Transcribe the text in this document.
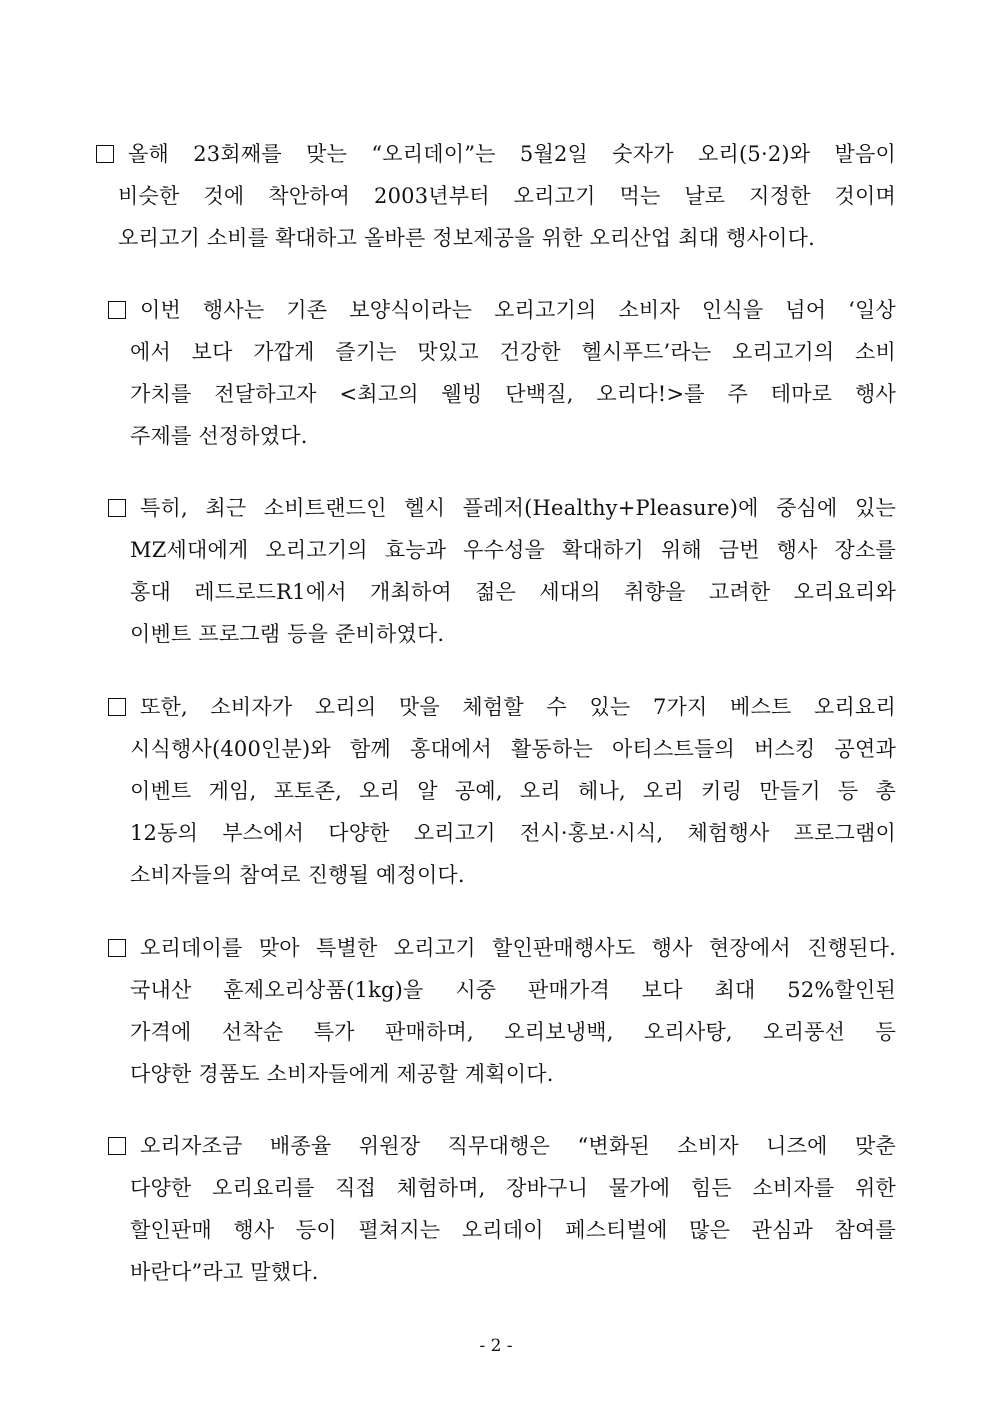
올해 23회째를 맞는 “오리데이”는 5월2일 숫자가 오리(5·2)와 발음이
비슷한 것에 착안하여 2003년부터 오리고기 먹는 날로 지정한 것이며
오리고기 소비를 확대하고 올바른 정보제공을 위한 오리산업 최대 행사이다.
이번 행사는 기존 보양식이라는 오리고기의 소비자 인식을 넘어 ‘일상
에서 보다 가깝게 즐기는 맛있고 건강한 헬시푸드’라는 오리고기의 소비
가치를 전달하고자 <최고의 웰빙 단백질, 오리다!>를 주 테마로 행사
주제를 선정하였다.
특히, 최근 소비트랜드인 헬시 플레저(Healthy+Pleasure)에 중심에 있는
MZ세대에게 오리고기의 효능과 우수성을 확대하기 위해 금번 행사 장소를
홍대 레드로드R1에서 개최하여 젊은 세대의 취향을 고려한 오리요리와
이벤트 프로그램 등을 준비하였다.
또한, 소비자가 오리의 맛을 체험할 수 있는 7가지 베스트 오리요리
시식행사(400인분)와 함께 홍대에서 활동하는 아티스트들의 버스킹 공연과
이벤트 게임, 포토존, 오리 알 공예, 오리 헤나, 오리 키링 만들기 등 총
12동의 부스에서 다양한 오리고기 전시·홍보·시식, 체험행사 프로그램이
소비자들의 참여로 진행될 예정이다.
오리데이를 맞아 특별한 오리고기 할인판매행사도 행사 현장에서 진행된다.
국내산 훈제오리상품(1kg)을 시중 판매가격 보다 최대 52%할인된
가격에 선착순 특가 판매하며, 오리보냉백, 오리사탕, 오리풍선 등
다양한 경품도 소비자들에게 제공할 계획이다.
오리자조금 배종율 위원장 직무대행은 “변화된 소비자 니즈에 맞춘
다양한 오리요리를 직접 체험하며, 장바구니 물가에 힘든 소비자를 위한
할인판매 행사 등이 펼쳐지는 오리데이 페스티벌에 많은 관심과 참여를
바란다”라고 말했다.
- 2 -
